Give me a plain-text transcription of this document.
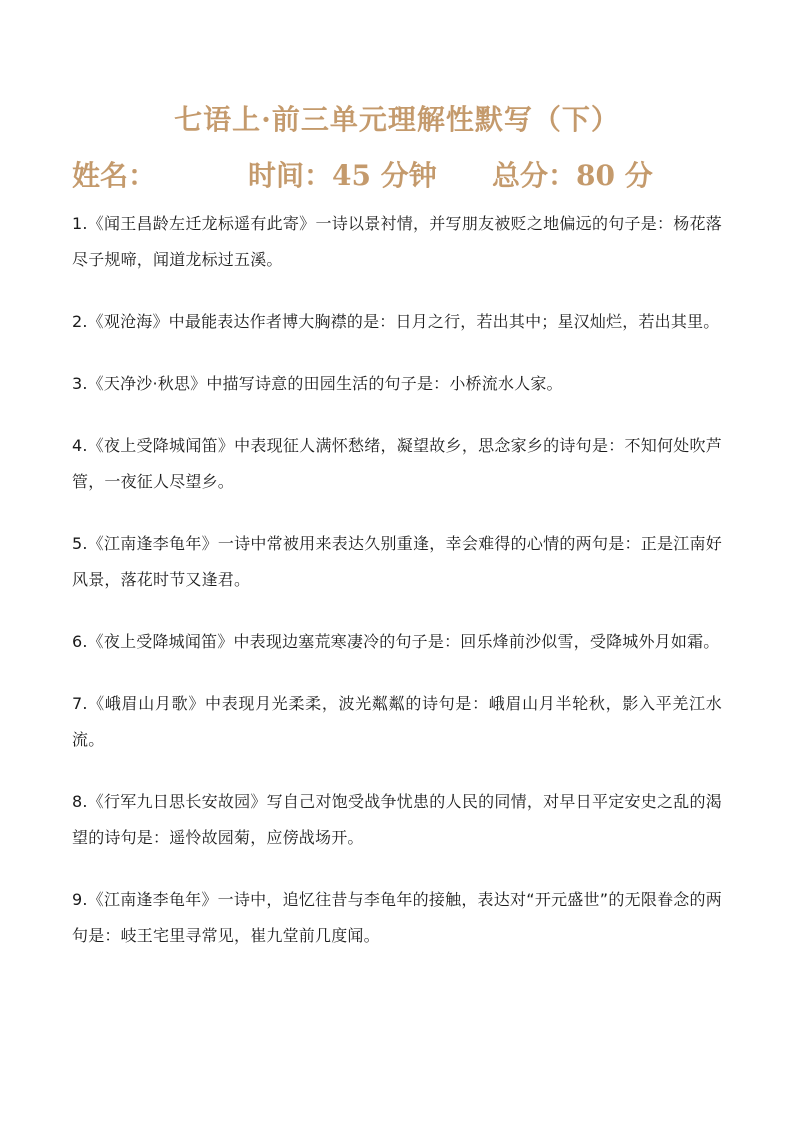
七语上·前三单元理解性默写（下）
姓名：	时间：45 分钟 总分：80 分

1.《闻王昌龄左迁龙标遥有此寄》一诗以景衬情，并写朋友被贬之地偏远的句子是：杨花落尽子规啼，闻道龙标过五溪。

2.《观沧海》中最能表达作者博大胸襟的是：日月之行，若出其中；星汉灿烂，若出其里。

3.《天净沙·秋思》中描写诗意的田园生活的句子是：小桥流水人家。

4.《夜上受降城闻笛》中表现征人满怀愁绪，凝望故乡，思念家乡的诗句是：不知何处吹芦管，一夜征人尽望乡。

5.《江南逢李龟年》一诗中常被用来表达久别重逢，幸会难得的心情的两句是：正是江南好风景，落花时节又逢君。

6.《夜上受降城闻笛》中表现边塞荒寒凄冷的句子是：回乐烽前沙似雪，受降城外月如霜。

7.《峨眉山月歌》中表现月光柔柔，波光粼粼的诗句是：峨眉山月半轮秋，影入平羌江水流。

8.《行军九日思长安故园》写自己对饱受战争忧患的人民的同情，对早日平定安史之乱的渴望的诗句是：遥怜故园菊，应傍战场开。

9.《江南逢李龟年》一诗中，追忆往昔与李龟年的接触，表达对“开元盛世”的无限眷念的两句是：岐王宅里寻常见，崔九堂前几度闻。
